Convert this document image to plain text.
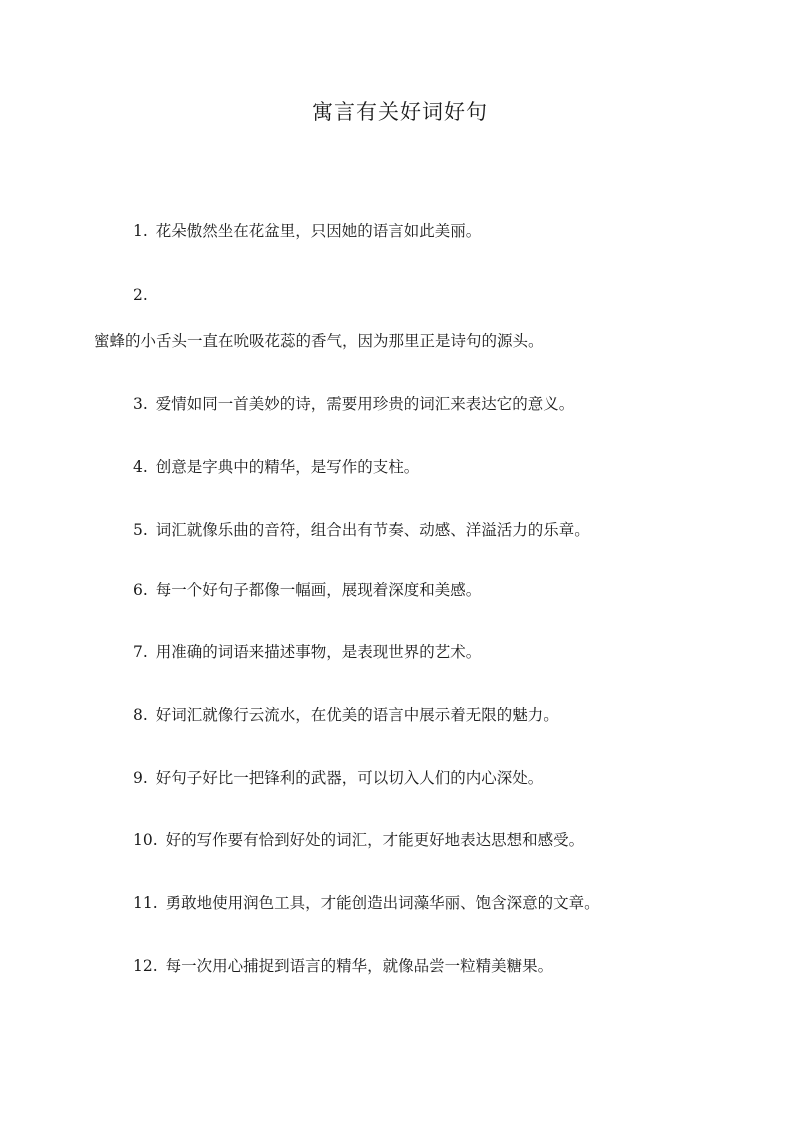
寓言有关好词好句
1. 花朵傲然坐在花盆里，只因她的语言如此美丽。
2.
蜜蜂的小舌头一直在吮吸花蕊的香气，因为那里正是诗句的源头。
3. 爱情如同一首美妙的诗，需要用珍贵的词汇来表达它的意义。
4. 创意是字典中的精华，是写作的支柱。
5. 词汇就像乐曲的音符，组合出有节奏、动感、洋溢活力的乐章。
6. 每一个好句子都像一幅画，展现着深度和美感。
7. 用准确的词语来描述事物，是表现世界的艺术。
8. 好词汇就像行云流水，在优美的语言中展示着无限的魅力。
9. 好句子好比一把锋利的武器，可以切入人们的内心深处。
10. 好的写作要有恰到好处的词汇，才能更好地表达思想和感受。
11. 勇敢地使用润色工具，才能创造出词藻华丽、饱含深意的文章。
12. 每一次用心捕捉到语言的精华，就像品尝一粒精美糖果。
